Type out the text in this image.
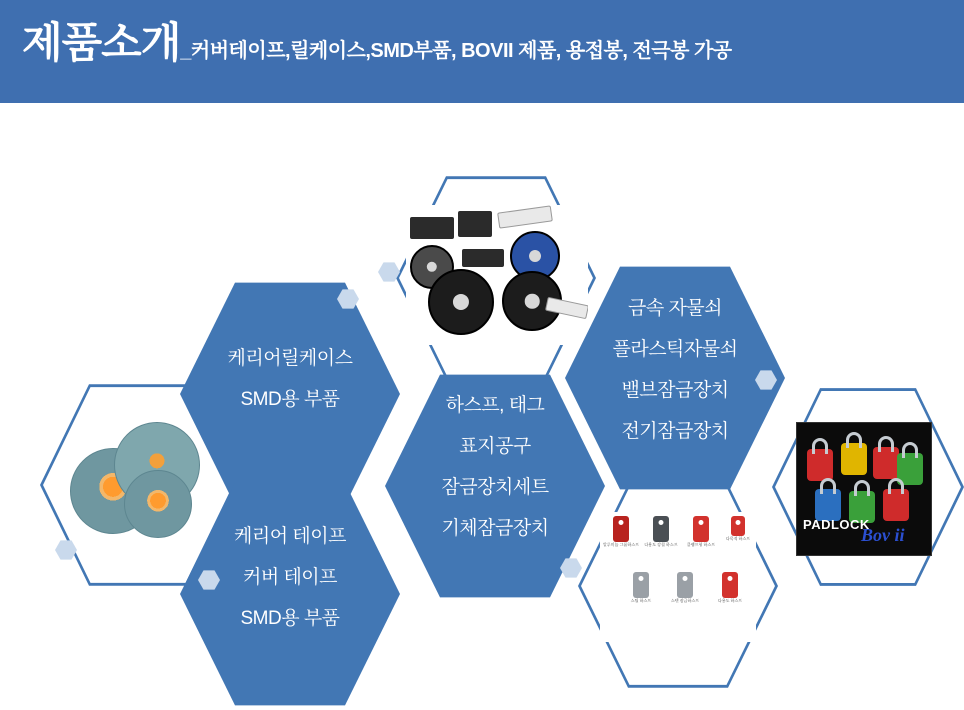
제품소개_커버테이프,릴케이스,SMD부품, BOVII 제품, 용접봉, 전극봉 가공
PADLOCK
Bov ii
알루미늄 그룹하스프	다용도 강철 하스프	클램프형 하스프
다목적 하스프
스틸 하스프	스텐 잠금하스프	다용도 하스프
케리어릴케이스
SMD용 부품
케리어 테이프
커버 테이프
SMD용 부품
하스프, 태그
표지공구
잠금장치세트
기체잠금장치
금속 자물쇠
플라스틱자물쇠
밸브잠금장치
전기잠금장치
